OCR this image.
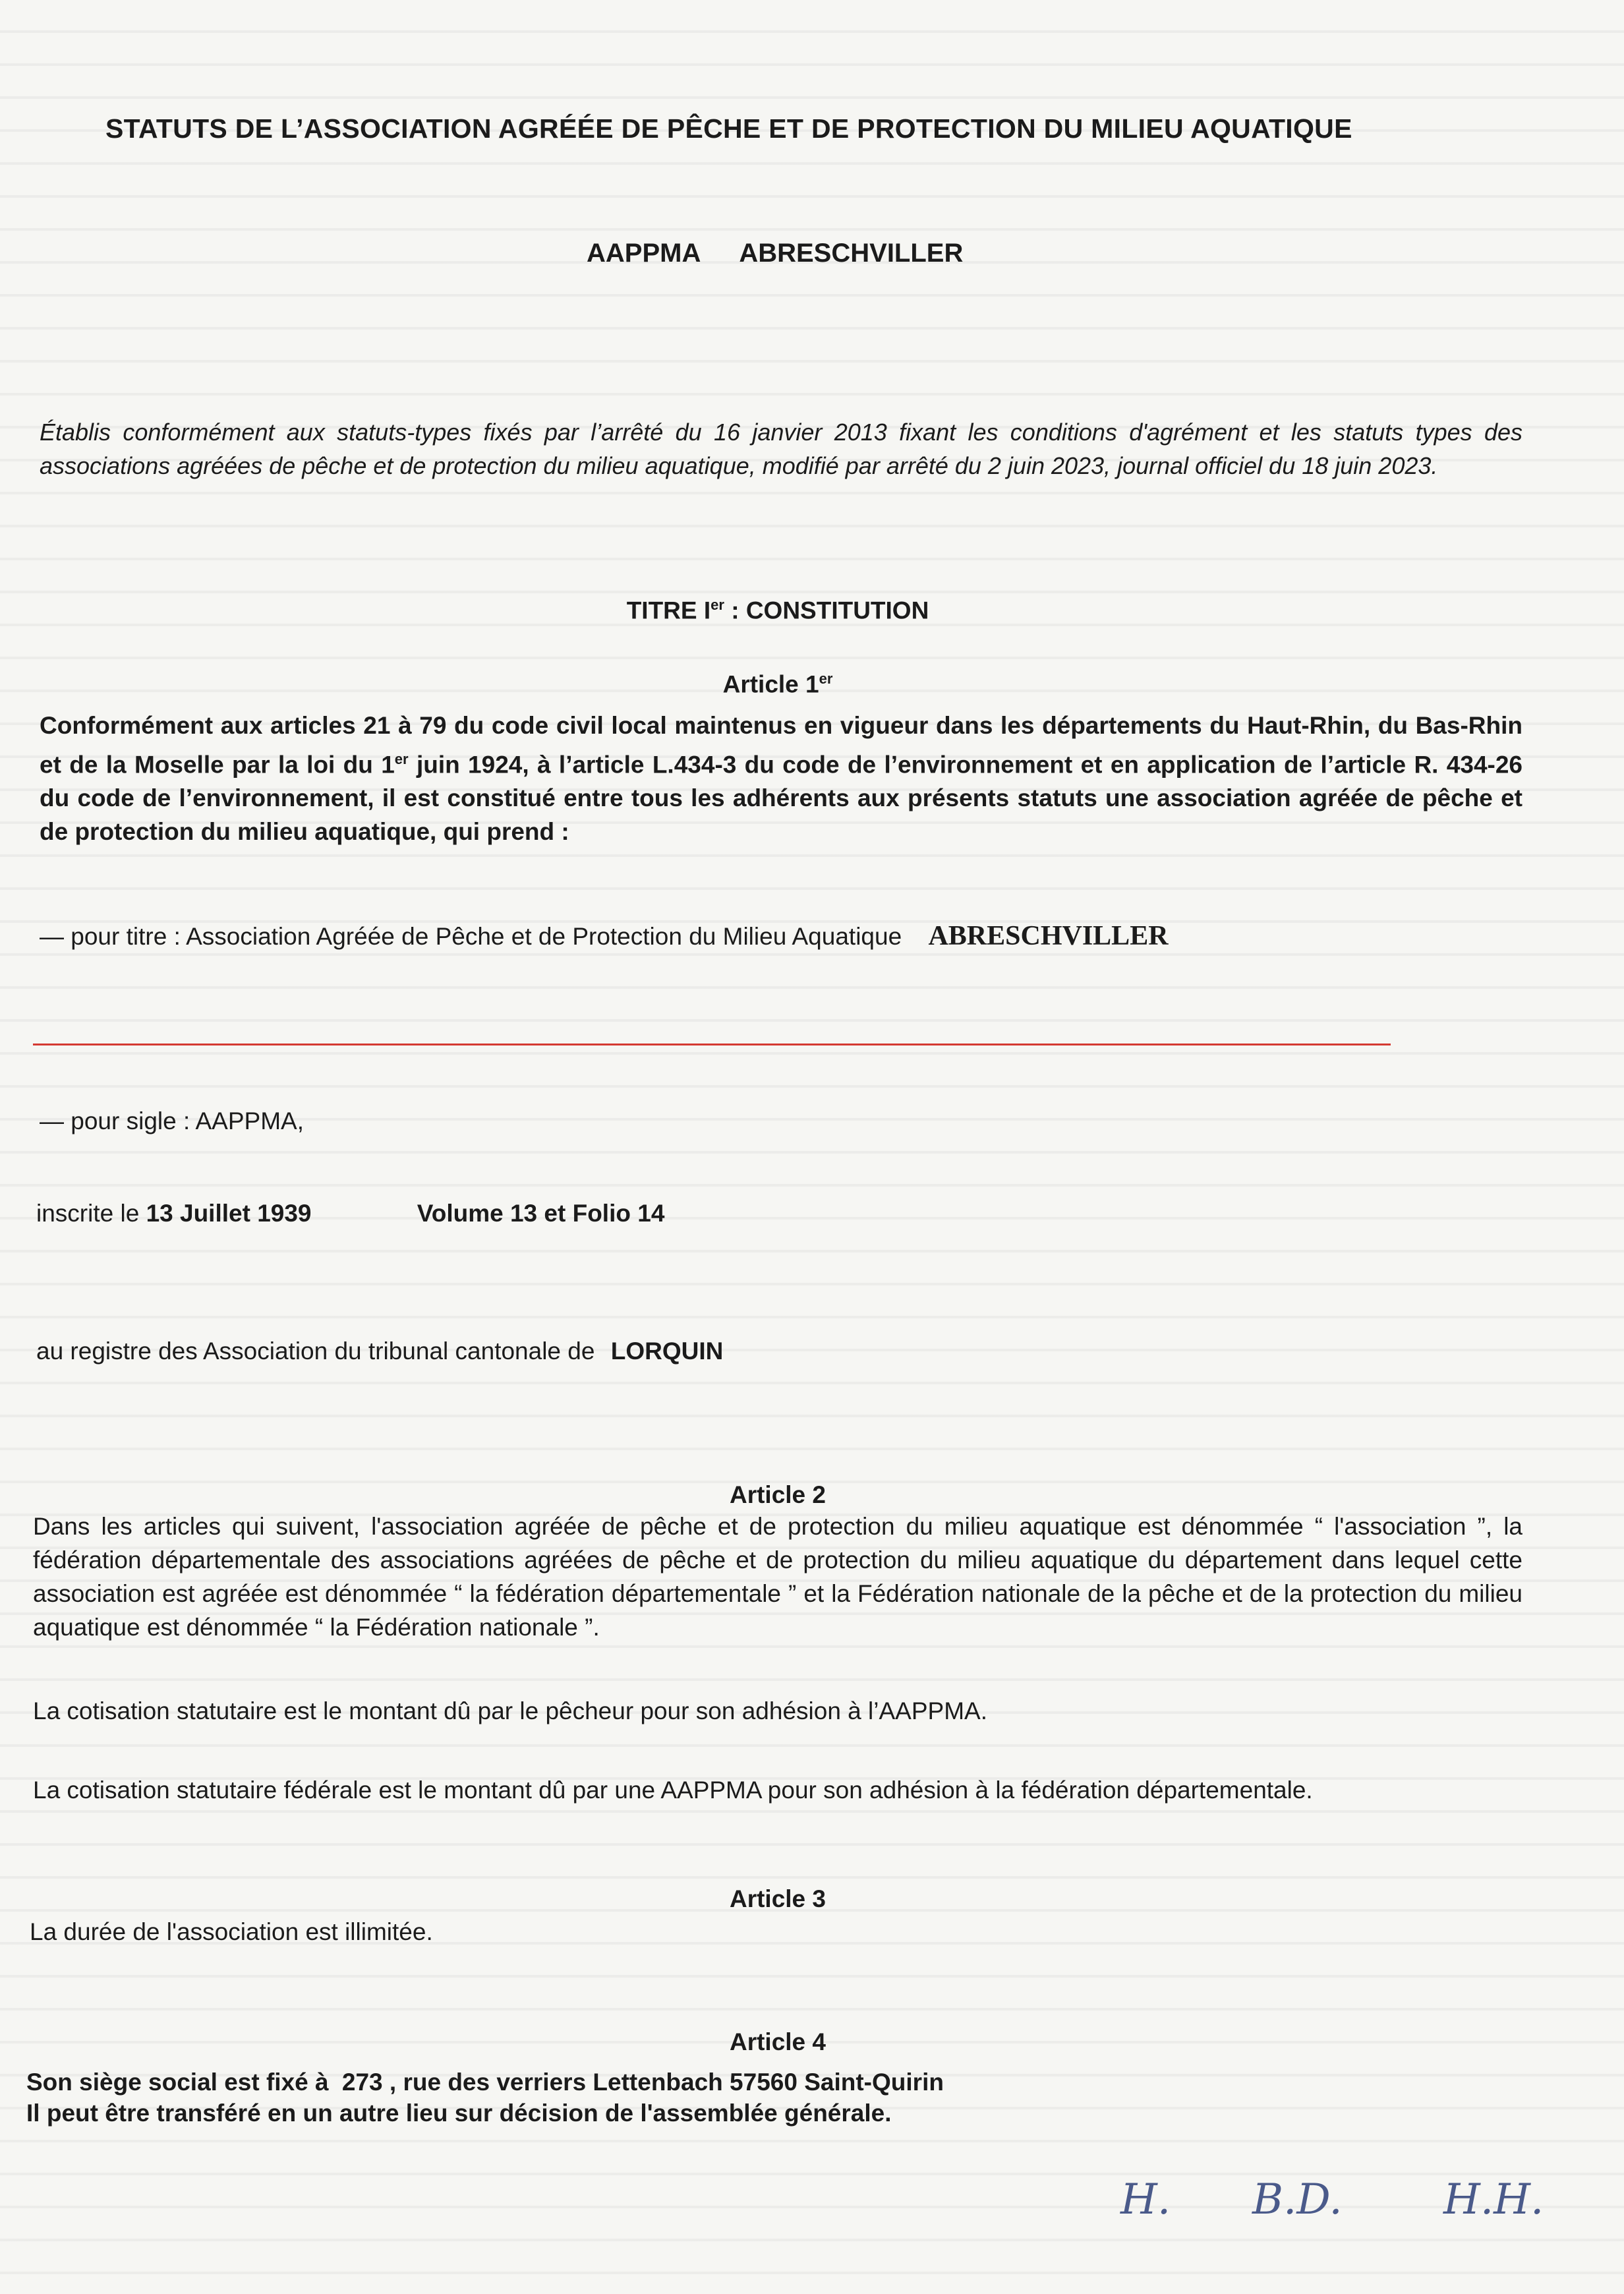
STATUTS DE L’ASSOCIATION AGRÉÉE DE PÊCHE ET DE PROTECTION DU MILIEU AQUATIQUE
AAPPMA ABRESCHVILLER

Établis conformément aux statuts-types fixés par l’arrêté du 16 janvier 2013 fixant les conditions d'agrément et les statuts types des associations agréées de pêche et de protection du milieu aquatique, modifié par arrêté du 2 juin 2023, journal officiel du 18 juin 2023.

TITRE Ier : CONSTITUTION
Article 1er

Conformément aux articles 21 à 79 du code civil local maintenus en vigueur dans les départements du Haut-Rhin, du Bas-Rhin et de la Moselle par la loi du 1er juin 1924, à l’article L.434-3 du code de l’environnement et en application de l’article R. 434-26 du code de l’environnement, il est constitué entre tous les adhérents aux présents statuts une association agréée de pêche et de protection du milieu aquatique, qui prend :

— pour titre : Association Agréée de Pêche et de Protection du Milieu Aquatique ABRESCHVILLER
— pour sigle : AAPPMA,
inscrite le 13 Juillet 1939	Volume 13 et Folio 14
au registre des Association du tribunal cantonale de LORQUIN
Article 2

Dans les articles qui suivent, l'association agréée de pêche et de protection du milieu aquatique est dénommée “ l'association ”, la fédération départementale des associations agréées de pêche et de protection du milieu aquatique du département dans lequel cette association est agréée est dénommée “ la fédération départementale ” et la Fédération nationale de la pêche et de la protection du milieu aquatique est dénommée “ la Fédération nationale ”.

La cotisation statutaire est le montant dû par le pêcheur pour son adhésion à l’AAPPMA.

La cotisation statutaire fédérale est le montant dû par une AAPPMA pour son adhésion à la fédération départementale.

Article 3

La durée de l'association est illimitée.

Article 4
Son siège social est fixé à 273 , rue des verriers Lettenbach 57560 Saint-Quirin

Il peut être transféré en un autre lieu sur décision de l'assemblée générale.

H. B.D. H.H.
